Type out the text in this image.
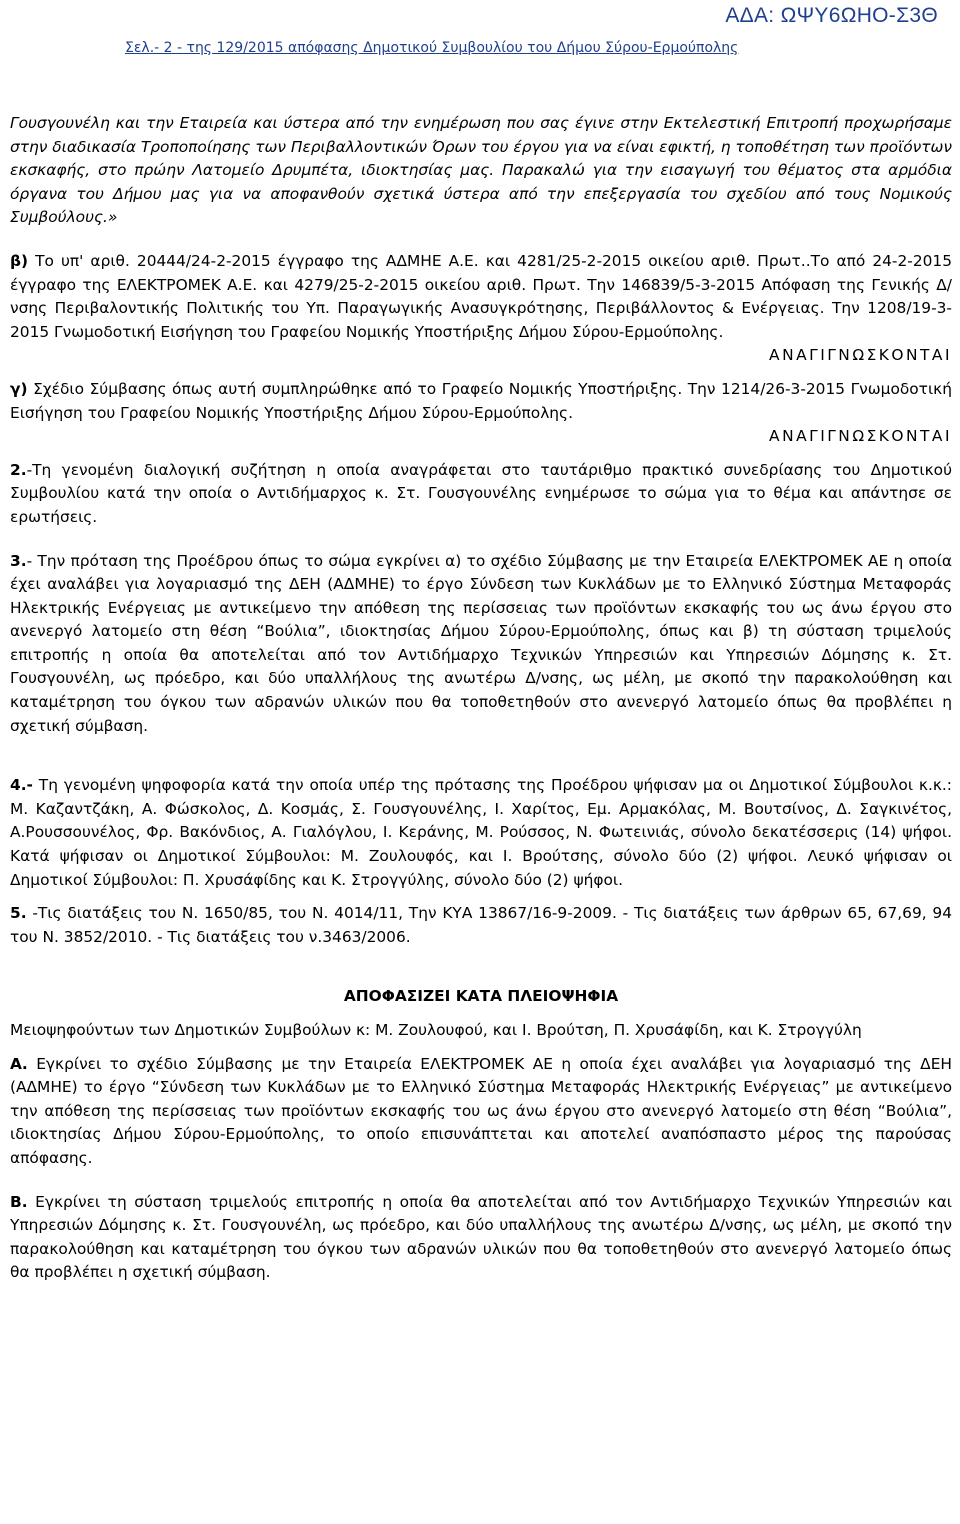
ΑΔΑ: ΩΨΥ6ΩΗΟ-Σ3Θ
Σελ.- 2 - της 129/2015 απόφασης Δημοτικού Συμβουλίου του Δήμου Σύρου-Ερμούπολης

Γουσγουνέλη και την Εταιρεία και ύστερα από την ενημέρωση που σας έγινε στην Εκτελεστική Επιτροπή προχωρήσαμε στην διαδικασία Τροποποίησης των Περιβαλλοντικών Όρων του έργου για να είναι εφικτή, η τοποθέτηση των προϊόντων εκσκαφής, στο πρώην Λατομείο Δρυμπέτα, ιδιοκτησίας μας. Παρακαλώ για την εισαγωγή του θέματος στα αρμόδια όργανα του Δήμου μας για να αποφανθούν σχετικά ύστερα από την επεξεργασία του σχεδίου από τους Νομικούς Συμβούλους.»

β) Το υπ' αριθ. 20444/24-2-2015 έγγραφο της ΑΔΜΗΕ Α.Ε. και 4281/25-2-2015 οικείου αριθ. Πρωτ..Το από 24-2-2015 έγγραφο της ΕΛΕΚΤΡΟΜΕΚ Α.Ε. και 4279/25-2-2015 οικείου αριθ. Πρωτ. Την 146839/5-3-2015 Απόφαση της Γενικής Δ/νσης Περιβαλοντικής Πολιτικής του Υπ. Παραγωγικής Ανασυγκρότησης, Περιβάλλοντος & Ενέργειας. Την 1208/19-3-2015 Γνωμοδοτική Εισήγηση του Γραφείου Νομικής Υποστήριξης Δήμου Σύρου-Ερμούπολης.

ΑΝΑΓΙΓΝΩΣΚΟΝΤΑΙ

γ) Σχέδιο Σύμβασης όπως αυτή συμπληρώθηκε από το Γραφείο Νομικής Υποστήριξης. Την 1214/26-3-2015 Γνωμοδοτική Εισήγηση του Γραφείου Νομικής Υποστήριξης Δήμου Σύρου-Ερμούπολης.

ΑΝΑΓΙΓΝΩΣΚΟΝΤΑΙ

2.-Τη γενομένη διαλογική συζήτηση η οποία αναγράφεται στο ταυτάριθμο πρακτικό συνεδρίασης του Δημοτικού Συμβουλίου κατά την οποία ο Αντιδήμαρχος κ. Στ. Γουσγουνέλης ενημέρωσε το σώμα για το θέμα και απάντησε σε ερωτήσεις.

3.- Την πρόταση της Προέδρου όπως το σώμα εγκρίνει α) το σχέδιο Σύμβασης με την Εταιρεία ΕΛΕΚΤΡΟΜΕΚ ΑΕ η οποία έχει αναλάβει για λογαριασμό της ΔΕΗ (ΑΔΜΗΕ) το έργο Σύνδεση των Κυκλάδων με το Ελληνικό Σύστημα Μεταφοράς Ηλεκτρικής Ενέργειας με αντικείμενο την απόθεση της περίσσειας των προϊόντων εκσκαφής του ως άνω έργου στο ανενεργό λατομείο στη θέση “Βούλια”, ιδιοκτησίας Δήμου Σύρου-Ερμούπολης, όπως και β) τη σύσταση τριμελούς επιτροπής η οποία θα αποτελείται από τον Αντιδήμαρχο Τεχνικών Υπηρεσιών και Υπηρεσιών Δόμησης κ. Στ. Γουσγουνέλη, ως πρόεδρο, και δύο υπαλλήλους της ανωτέρω Δ/νσης, ως μέλη, με σκοπό την παρακολούθηση και καταμέτρηση του όγκου των αδρανών υλικών που θα τοποθετηθούν στο ανενεργό λατομείο όπως θα προβλέπει η σχετική σύμβαση.

4.- Τη γενομένη ψηφοφορία κατά την οποία υπέρ της πρότασης της Προέδρου ψήφισαν μα οι Δημοτικοί Σύμβουλοι κ.κ.: Μ. Καζαντζάκη, Α. Φώσκολος, Δ. Κοσμάς, Σ. Γουσγουνέλης, Ι. Χαρίτος, Εμ. Αρμακόλας, Μ. Βουτσίνος, Δ. Σαγκινέτος, Α.Ρουσσουνέλος, Φρ. Βακόνδιος, Α. Γιαλόγλου, Ι. Κεράνης, Μ. Ρούσσος, Ν. Φωτεινιάς, σύνολο δεκατέσσερις (14) ψήφοι. Κατά ψήφισαν οι Δημοτικοί Σύμβουλοι: Μ. Ζουλουφός, και Ι. Βρούτσης, σύνολο δύο (2) ψήφοι. Λευκό ψήφισαν οι Δημοτικοί Σύμβουλοι: Π. Χρυσάφίδης και Κ. Στρογγύλης, σύνολο δύο (2) ψήφοι.

5. -Τις διατάξεις του Ν. 1650/85, του Ν. 4014/11, Την ΚΥΑ 13867/16-9-2009. - Τις διατάξεις των άρθρων 65, 67,69, 94 του Ν. 3852/2010. - Τις διατάξεις του ν.3463/2006.

ΑΠΟΦΑΣΙΖΕΙ ΚΑΤΑ ΠΛΕΙΟΨΗΦΙΑ

Μειοψηφούντων των Δημοτικών Συμβούλων κ: Μ. Ζουλουφού, και Ι. Βρούτση, Π. Χρυσάφίδη, και Κ. Στρογγύλη

Α. Εγκρίνει το σχέδιο Σύμβασης με την Εταιρεία ΕΛΕΚΤΡΟΜΕΚ ΑΕ η οποία έχει αναλάβει για λογαριασμό της ΔΕΗ (ΑΔΜΗΕ) το έργο “Σύνδεση των Κυκλάδων με το Ελληνικό Σύστημα Μεταφοράς Ηλεκτρικής Ενέργειας” με αντικείμενο την απόθεση της περίσσειας των προϊόντων εκσκαφής του ως άνω έργου στο ανενεργό λατομείο στη θέση “Βούλια”, ιδιοκτησίας Δήμου Σύρου-Ερμούπολης, το οποίο επισυνάπτεται και αποτελεί αναπόσπαστο μέρος της παρούσας απόφασης.

Β. Εγκρίνει τη σύσταση τριμελούς επιτροπής η οποία θα αποτελείται από τον Αντιδήμαρχο Τεχνικών Υπηρεσιών και Υπηρεσιών Δόμησης κ. Στ. Γουσγουνέλη, ως πρόεδρο, και δύο υπαλλήλους της ανωτέρω Δ/νσης, ως μέλη, με σκοπό την παρακολούθηση και καταμέτρηση του όγκου των αδρανών υλικών που θα τοποθετηθούν στο ανενεργό λατομείο όπως θα προβλέπει η σχετική σύμβαση.
